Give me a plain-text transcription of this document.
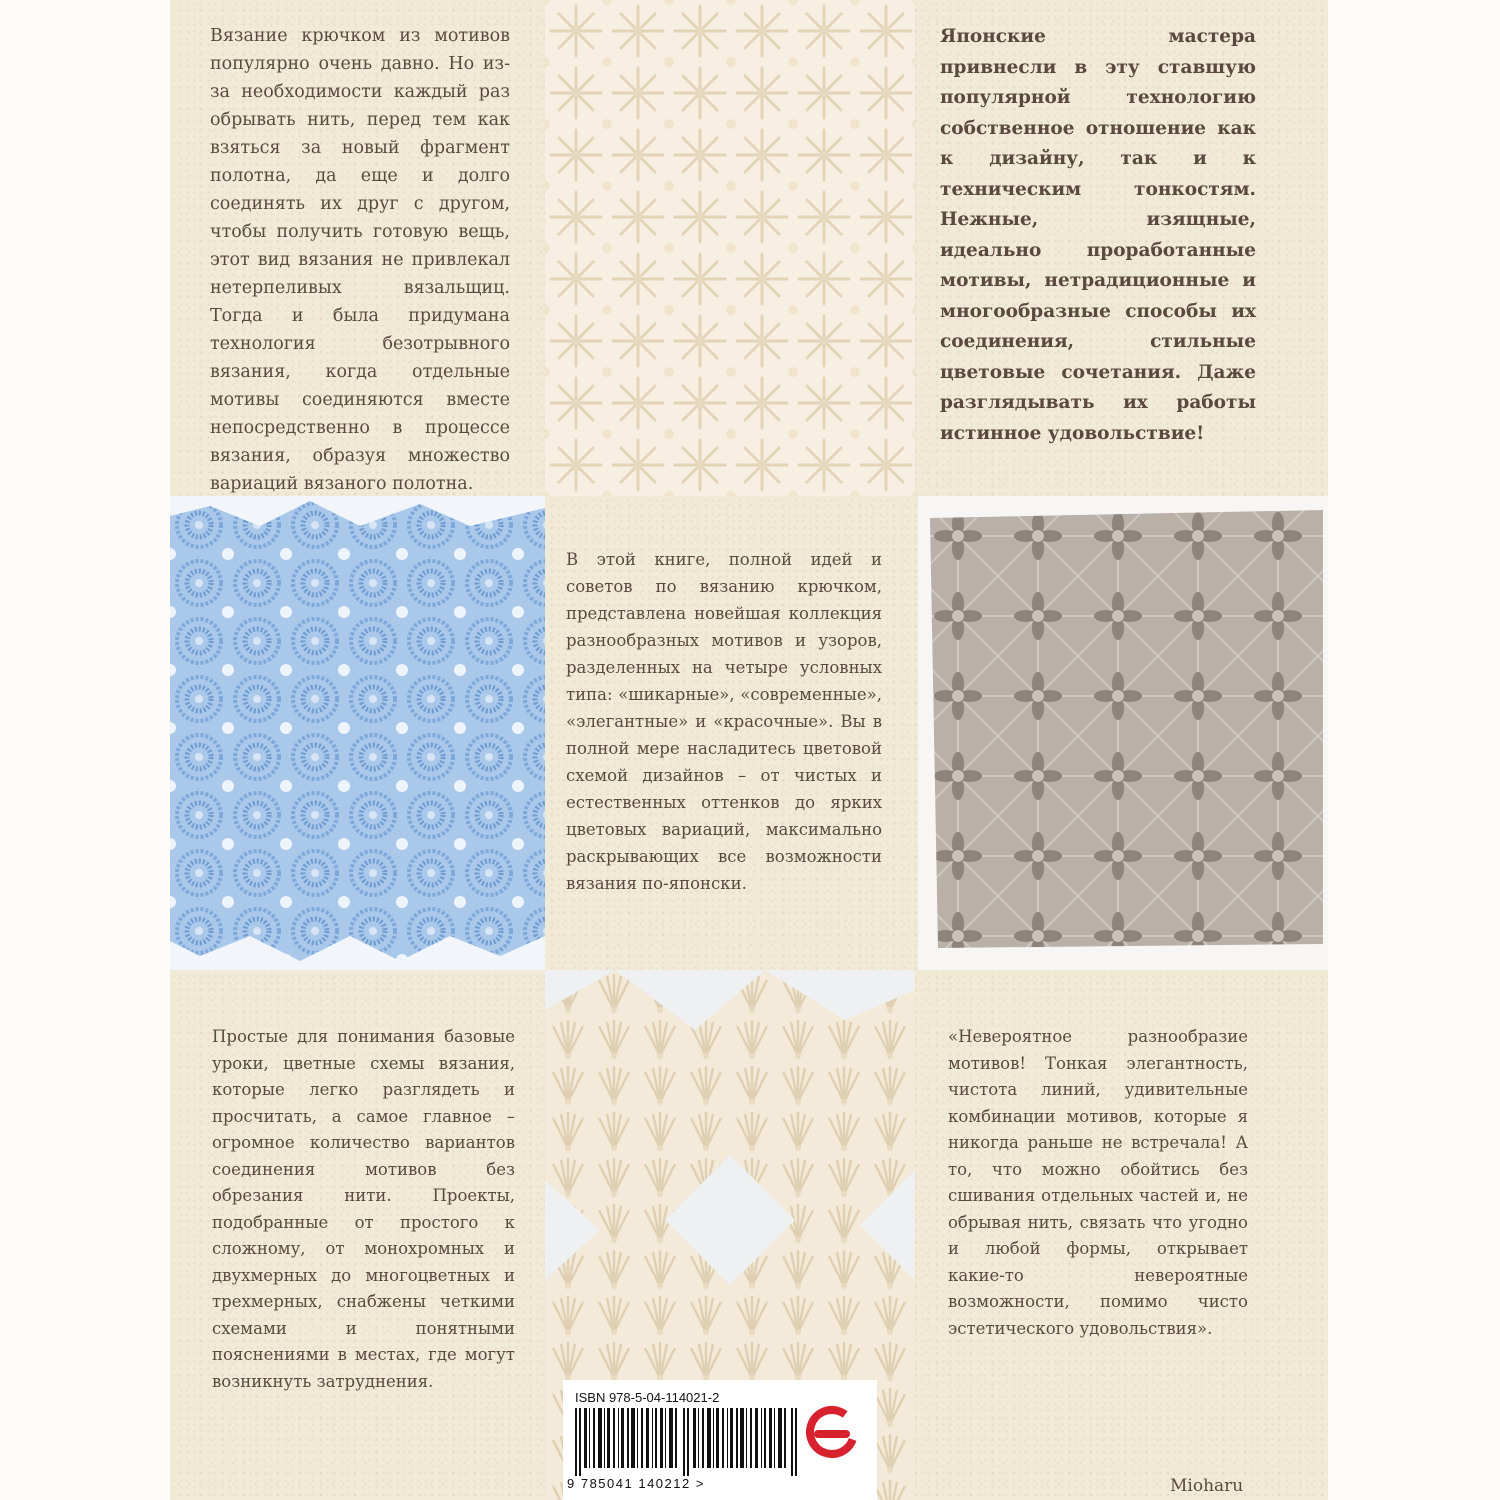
Вязание крючком из мотивов популярно очень давно. Но из-за необходимости каждый раз обрывать нить, перед тем как взяться за новый фрагмент полотна, да еще и долго соединять их друг с другом, чтобы получить готовую вещь, этот вид вязания не привлекал нетерпеливых вязальщиц. Тогда и была придумана технология безотрывного вязания, когда отдельные мотивы соединяются вместе непосредственно в процессе вязания, образуя множество вариаций вязаного полотна.

Японские мастера привнесли в эту ставшую популярной технологию собственное отношение как к дизайну, так и к техническим тонкостям. Нежные, изящные, идеально проработанные мотивы, нетрадиционные и многообразные способы их соединения, стильные цветовые сочетания. Даже разглядывать их работы истинное удовольствие!

В этой книге, полной идей и советов по вязанию крючком, представлена новейшая коллекция разнообразных мотивов и узоров, разделенных на четыре условных типа: «шикарные», «современные», «элегантные» и «красочные». Вы в полной мере насладитесь цветовой схемой дизайнов – от чистых и естественных оттенков до ярких цветовых вариаций, максимально раскрывающих все возможности вязания по-японски.

Простые для понимания базовые уроки, цветные схемы вязания, которые легко разглядеть и просчитать, а самое главное – огромное количество вариантов соединения мотивов без обрезания нити. Проекты, подобранные от простого к сложному, от монохромных и двухмерных до многоцветных и трехмерных, снабжены четкими схемами и понятными пояснениями в местах, где могут возникнуть затруднения.

«Невероятное разнообразие мотивов! Тонкая элегантность, чистота линий, удивительные комбинации мотивов, которые я никогда раньше не встречала! А то, что можно обойтись без сшивания отдельных частей и, не обрывая нить, связать что угодно и любой формы, открывает какие-то невероятные возможности, помимо чисто эстетического удовольствия».

Mioharu

ISBN 978-5-04-114021-2

9 785041 140212 >
